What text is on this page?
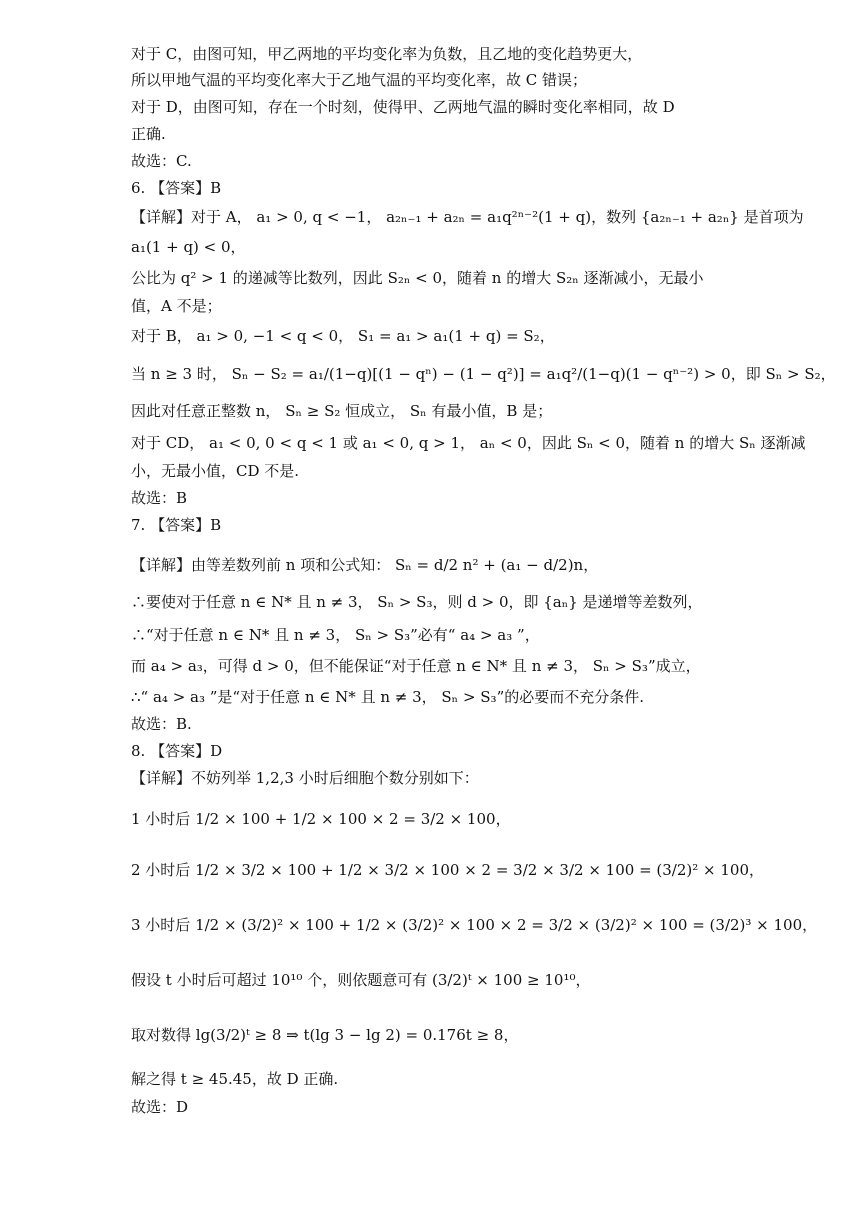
对于 C，由图可知，甲乙两地的平均变化率为负数，且乙地的变化趋势更大，
所以甲地气温的平均变化率大于乙地气温的平均变化率，故 C 错误；
对于 D，由图可知，存在一个时刻，使得甲、乙两地气温的瞬时变化率相同，故 D
正确.
故选：C.
6. 【答案】B
【详解】对于 A， a₁ > 0, q < −1， a₂ₙ₋₁ + a₂ₙ = a₁q²ⁿ⁻²(1 + q)，数列 {a₂ₙ₋₁ + a₂ₙ} 是首项为
a₁(1 + q) < 0，
公比为 q² > 1 的递减等比数列，因此 S₂ₙ < 0，随着 n 的增大 S₂ₙ 逐渐减小，无最小
值，A 不是；
对于 B， a₁ > 0, −1 < q < 0， S₁ = a₁ > a₁(1 + q) = S₂，
当 n ≥ 3 时， Sₙ − S₂ = a₁/(1−q)[(1 − qⁿ) − (1 − q²)] = a₁q²/(1−q)(1 − qⁿ⁻²) > 0，即 Sₙ > S₂，
因此对任意正整数 n， Sₙ ≥ S₂ 恒成立， Sₙ 有最小值，B 是；
对于 CD， a₁ < 0, 0 < q < 1 或 a₁ < 0, q > 1， aₙ < 0，因此 Sₙ < 0，随着 n 的增大 Sₙ 逐渐减
小，无最小值，CD 不是.
故选：B
7. 【答案】B
【详解】由等差数列前 n 项和公式知： Sₙ = d/2 n² + (a₁ − d/2)n，
∴要使对于任意 n ∈ N* 且 n ≠ 3， Sₙ > S₃，则 d > 0，即 {aₙ} 是递增等差数列，
∴“对于任意 n ∈ N* 且 n ≠ 3， Sₙ > S₃”必有“ a₄ > a₃ ”，
而 a₄ > a₃，可得 d > 0，但不能保证“对于任意 n ∈ N* 且 n ≠ 3， Sₙ > S₃”成立，
∴“ a₄ > a₃ ”是“对于任意 n ∈ N* 且 n ≠ 3， Sₙ > S₃”的必要而不充分条件.
故选：B.
8. 【答案】D
【详解】不妨列举 1,2,3 小时后细胞个数分别如下：
1 小时后 1/2 × 100 + 1/2 × 100 × 2 = 3/2 × 100，
2 小时后 1/2 × 3/2 × 100 + 1/2 × 3/2 × 100 × 2 = 3/2 × 3/2 × 100 = (3/2)² × 100，
3 小时后 1/2 × (3/2)² × 100 + 1/2 × (3/2)² × 100 × 2 = 3/2 × (3/2)² × 100 = (3/2)³ × 100，
假设 t 小时后可超过 10¹⁰ 个，则依题意可有 (3/2)ᵗ × 100 ≥ 10¹⁰，
取对数得 lg(3/2)ᵗ ≥ 8 ⇒ t(lg 3 − lg 2) = 0.176t ≥ 8，
解之得 t ≥ 45.45，故 D 正确.
故选：D
